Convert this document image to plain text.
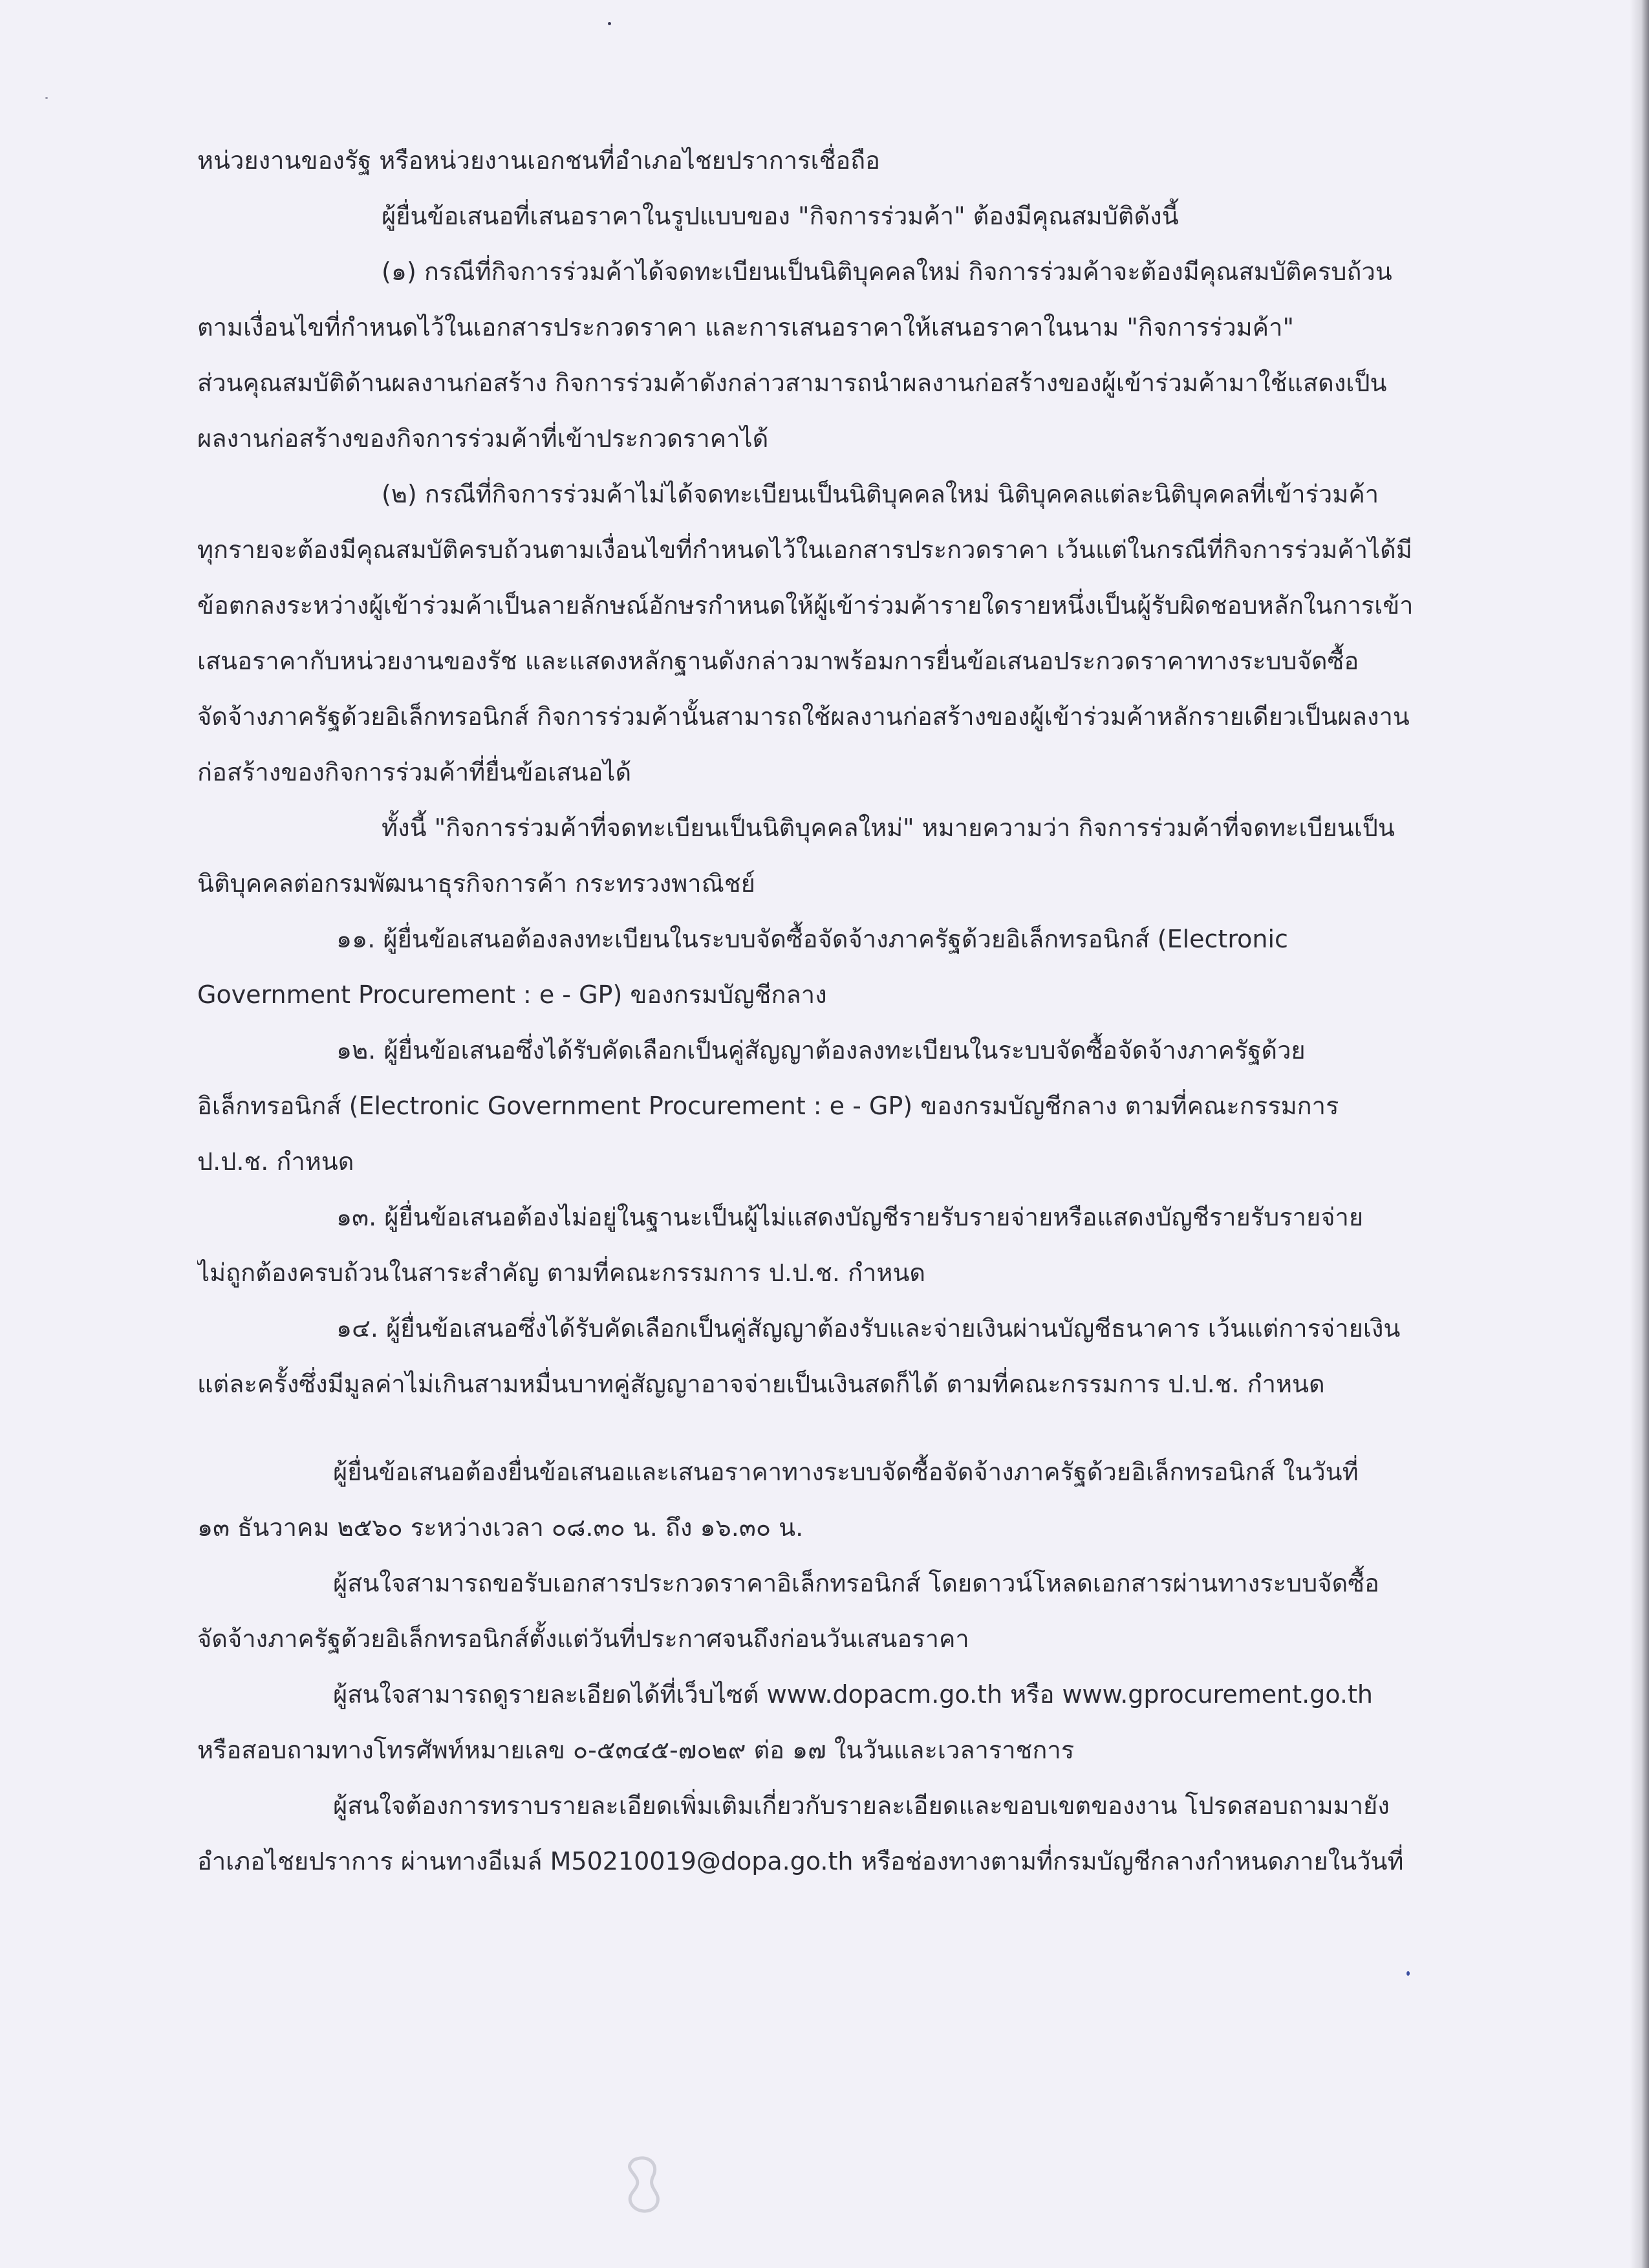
หน่วยงานของรัฐ หรือหน่วยงานเอกชนที่อำเภอไชยปราการเชื่อถือ
ผู้ยื่นข้อเสนอที่เสนอราคาในรูปแบบของ "กิจการร่วมค้า" ต้องมีคุณสมบัติดังนี้
(๑) กรณีที่กิจการร่วมค้าได้จดทะเบียนเป็นนิติบุคคลใหม่ กิจการร่วมค้าจะต้องมีคุณสมบัติครบถ้วน
ตามเงื่อนไขที่กำหนดไว้ในเอกสารประกวดราคา และการเสนอราคาให้เสนอราคาในนาม "กิจการร่วมค้า"
ส่วนคุณสมบัติด้านผลงานก่อสร้าง กิจการร่วมค้าดังกล่าวสามารถนำผลงานก่อสร้างของผู้เข้าร่วมค้ามาใช้แสดงเป็น
ผลงานก่อสร้างของกิจการร่วมค้าที่เข้าประกวดราคาได้
(๒) กรณีที่กิจการร่วมค้าไม่ได้จดทะเบียนเป็นนิติบุคคลใหม่ นิติบุคคลแต่ละนิติบุคคลที่เข้าร่วมค้า
ทุกรายจะต้องมีคุณสมบัติครบถ้วนตามเงื่อนไขที่กำหนดไว้ในเอกสารประกวดราคา เว้นแต่ในกรณีที่กิจการร่วมค้าได้มี
ข้อตกลงระหว่างผู้เข้าร่วมค้าเป็นลายลักษณ์อักษรกำหนดให้ผู้เข้าร่วมค้ารายใดรายหนึ่งเป็นผู้รับผิดชอบหลักในการเข้า
เสนอราคากับหน่วยงานของรัช และแสดงหลักฐานดังกล่าวมาพร้อมการยื่นข้อเสนอประกวดราคาทางระบบจัดซื้อ
จัดจ้างภาครัฐด้วยอิเล็กทรอนิกส์ กิจการร่วมค้านั้นสามารถใช้ผลงานก่อสร้างของผู้เข้าร่วมค้าหลักรายเดียวเป็นผลงาน
ก่อสร้างของกิจการร่วมค้าที่ยื่นข้อเสนอได้
ทั้งนี้ "กิจการร่วมค้าที่จดทะเบียนเป็นนิติบุคคลใหม่" หมายความว่า กิจการร่วมค้าที่จดทะเบียนเป็น
นิติบุคคลต่อกรมพัฒนาธุรกิจการค้า กระทรวงพาณิชย์
๑๑. ผู้ยื่นข้อเสนอต้องลงทะเบียนในระบบจัดซื้อจัดจ้างภาครัฐด้วยอิเล็กทรอนิกส์ (Electronic
Government Procurement : e - GP) ของกรมบัญชีกลาง
๑๒. ผู้ยื่นข้อเสนอซึ่งได้รับคัดเลือกเป็นคู่สัญญาต้องลงทะเบียนในระบบจัดซื้อจัดจ้างภาครัฐด้วย
อิเล็กทรอนิกส์ (Electronic Government Procurement : e - GP) ของกรมบัญชีกลาง ตามที่คณะกรรมการ
ป.ป.ช. กำหนด
๑๓. ผู้ยื่นข้อเสนอต้องไม่อยู่ในฐานะเป็นผู้ไม่แสดงบัญชีรายรับรายจ่ายหรือแสดงบัญชีรายรับรายจ่าย
ไม่ถูกต้องครบถ้วนในสาระสำคัญ ตามที่คณะกรรมการ ป.ป.ช. กำหนด
๑๔. ผู้ยื่นข้อเสนอซึ่งได้รับคัดเลือกเป็นคู่สัญญาต้องรับและจ่ายเงินผ่านบัญชีธนาคาร เว้นแต่การจ่ายเงิน
แต่ละครั้งซึ่งมีมูลค่าไม่เกินสามหมื่นบาทคู่สัญญาอาจจ่ายเป็นเงินสดก็ได้ ตามที่คณะกรรมการ ป.ป.ช. กำหนด
ผู้ยื่นข้อเสนอต้องยื่นข้อเสนอและเสนอราคาทางระบบจัดซื้อจัดจ้างภาครัฐด้วยอิเล็กทรอนิกส์ ในวันที่
๑๓ ธันวาคม ๒๕๖๐ ระหว่างเวลา ๐๘.๓๐ น. ถึง ๑๖.๓๐ น.
ผู้สนใจสามารถขอรับเอกสารประกวดราคาอิเล็กทรอนิกส์ โดยดาวน์โหลดเอกสารผ่านทางระบบจัดซื้อ
จัดจ้างภาครัฐด้วยอิเล็กทรอนิกส์ตั้งแต่วันที่ประกาศจนถึงก่อนวันเสนอราคา
ผู้สนใจสามารถดูรายละเอียดได้ที่เว็บไซต์ www.dopacm.go.th หรือ www.gprocurement.go.th
หรือสอบถามทางโทรศัพท์หมายเลข ๐-๕๓๔๕-๗๐๒๙ ต่อ ๑๗ ในวันและเวลาราชการ
ผู้สนใจต้องการทราบรายละเอียดเพิ่มเติมเกี่ยวกับรายละเอียดและขอบเขตของงาน โปรดสอบถามมายัง
อำเภอไชยปราการ ผ่านทางอีเมล์ M50210019@dopa.go.th หรือช่องทางตามที่กรมบัญชีกลางกำหนดภายในวันที่
